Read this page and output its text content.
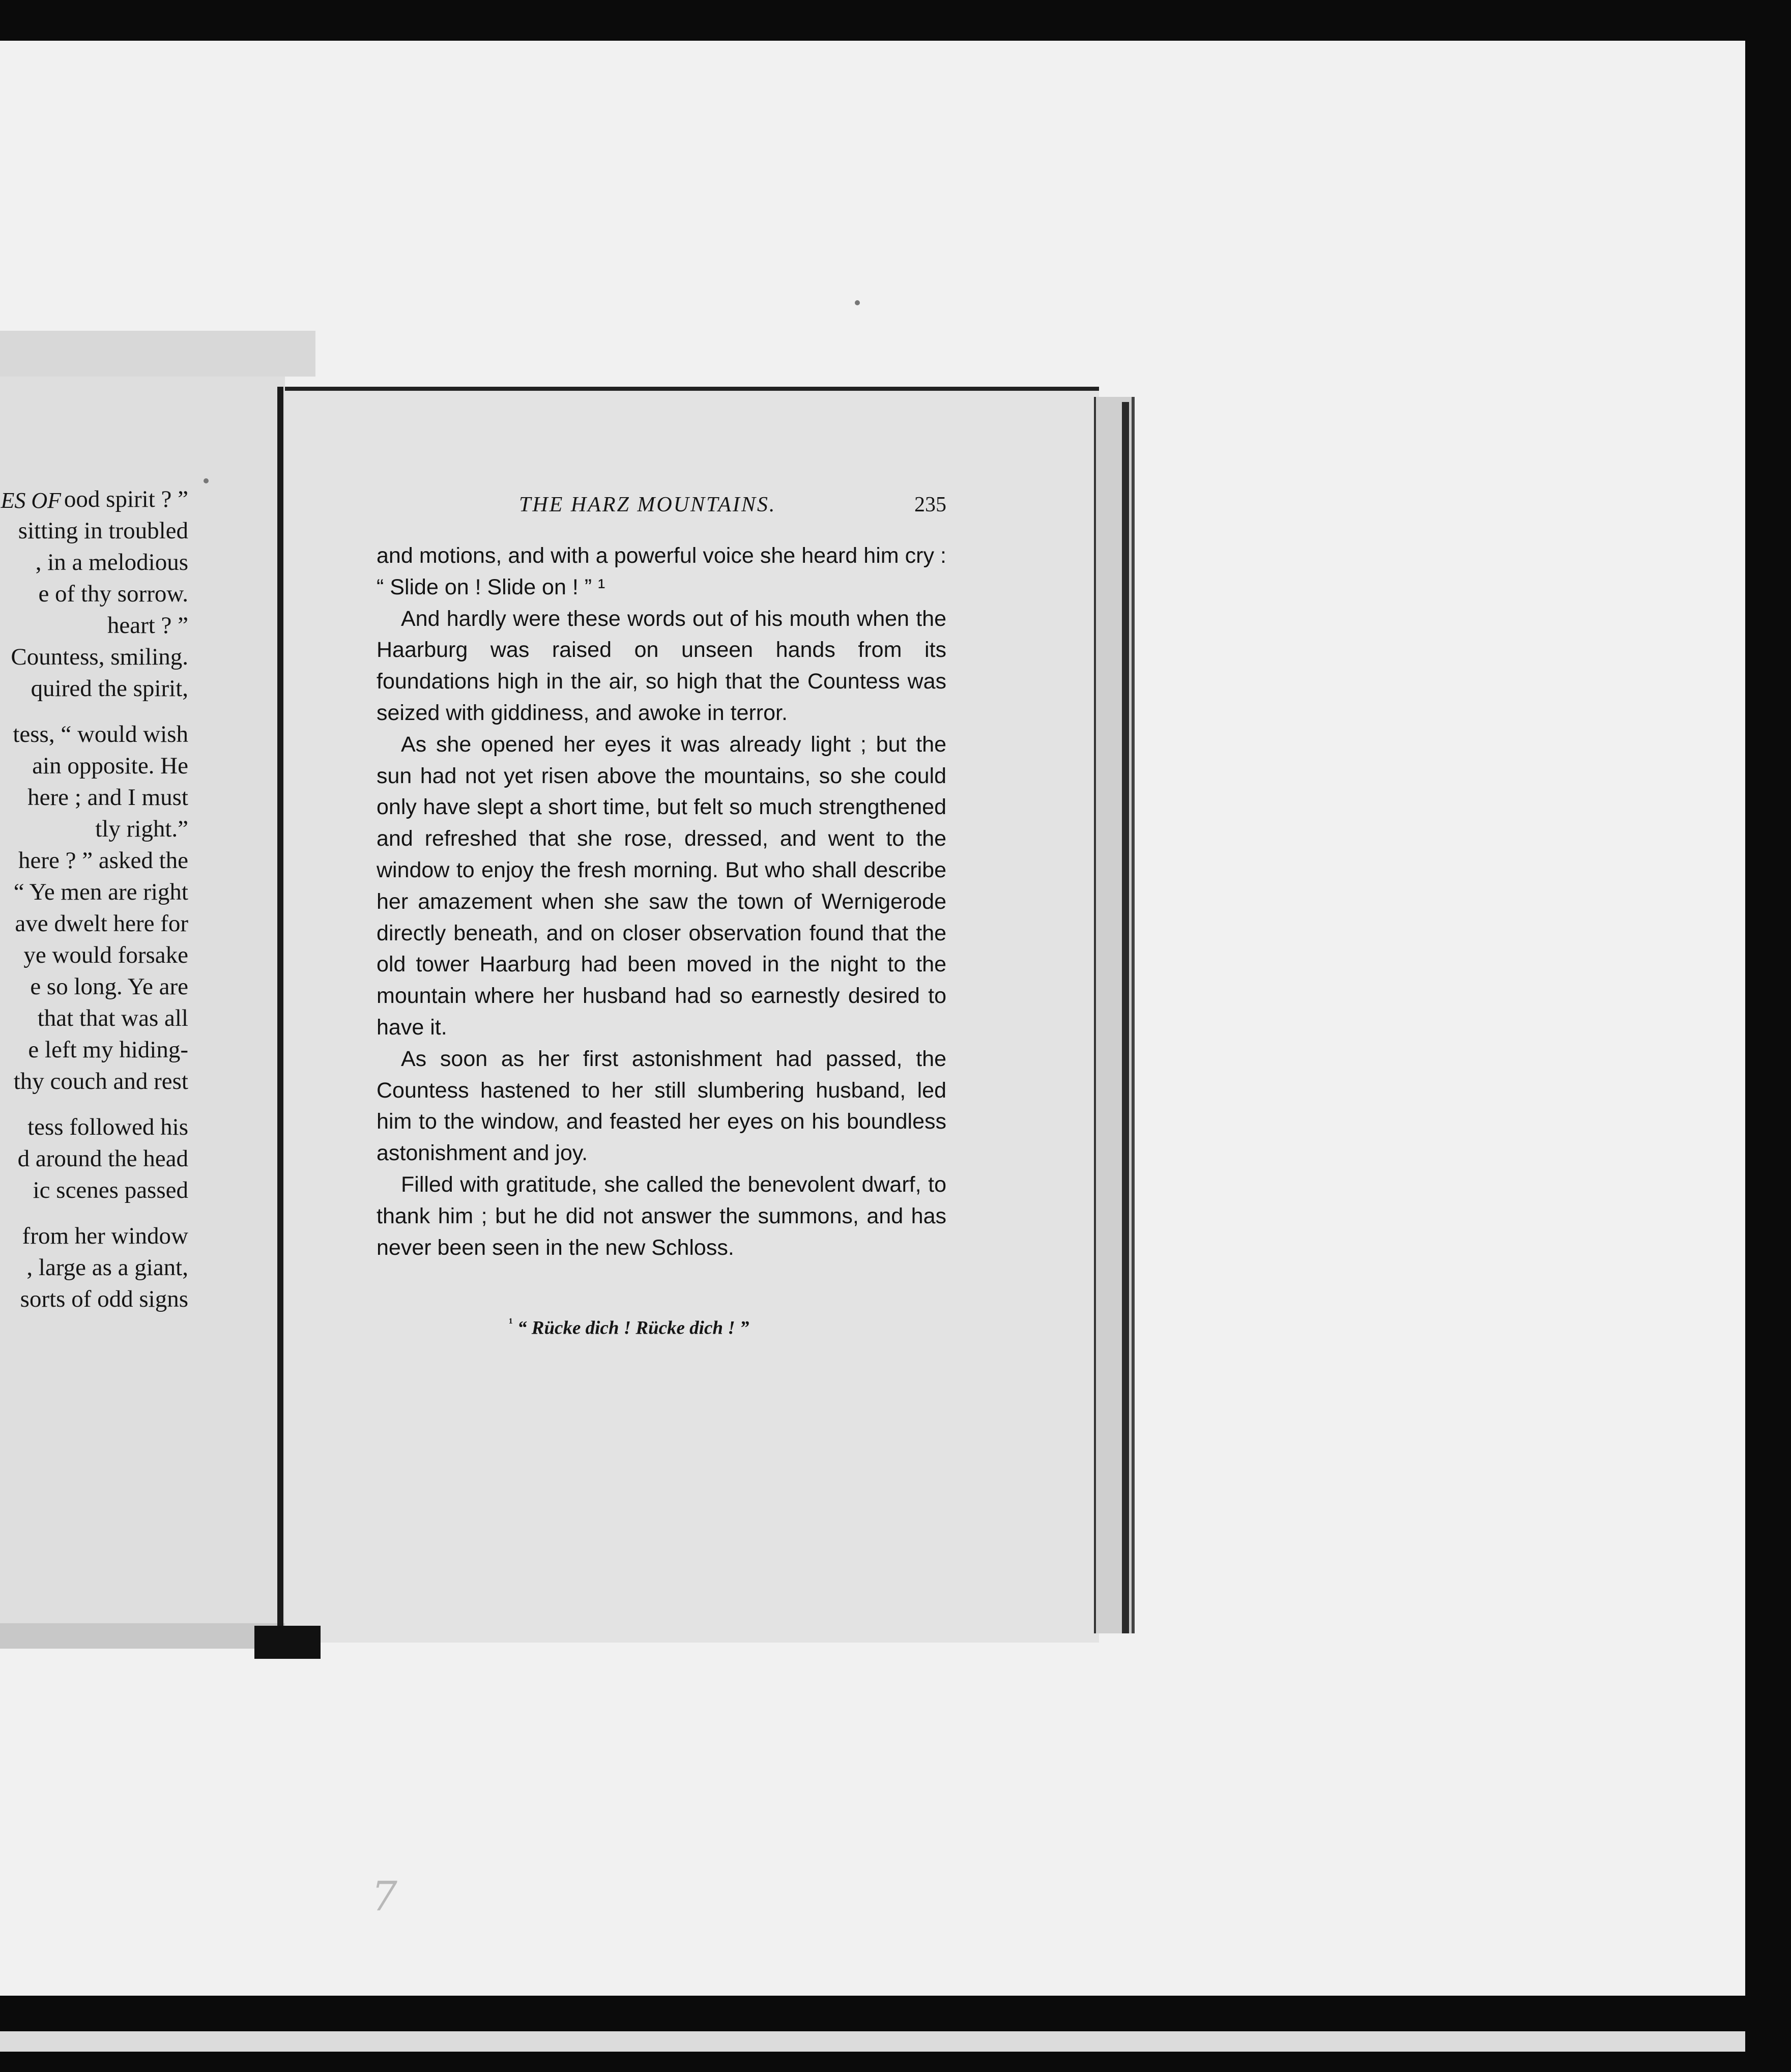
ES OF ood spirit ? ”
sitting in troubled
, in a melodious
e of thy sorrow.
heart ? ”
Countess, smiling.
quired the spirit,
tess, “ would wish
ain opposite. He
here ; and I must
tly right.”
here ? ” asked the
“ Ye men are right
ave dwelt here for
ye would forsake
e so long. Ye are
that that was all
e left my hiding-
thy couch and rest
tess followed his
d around the head
ic scenes passed
from her window
, large as a giant,
sorts of odd signs
THE HARZ MOUNTAINS.	235

and motions, and with a powerful voice she heard him cry : “ Slide on ! Slide on ! ” ¹

And hardly were these words out of his mouth when the Haarburg was raised on unseen hands from its foundations high in the air, so high that the Countess was seized with giddiness, and awoke in terror.

As she opened her eyes it was already light ; but the sun had not yet risen above the mountains, so she could only have slept a short time, but felt so much strengthened and refreshed that she rose, dressed, and went to the window to enjoy the fresh morning. But who shall describe her amazement when she saw the town of Wernigerode directly beneath, and on closer observation found that the old tower Haarburg had been moved in the night to the mountain where her husband had so earnestly desired to have it.

As soon as her first astonishment had passed, the Countess hastened to her still slumbering husband, led him to the window, and feasted her eyes on his boundless astonishment and joy.

Filled with gratitude, she called the benevolent dwarf, to thank him ; but he did not answer the summons, and has never been seen in the new Schloss.

$^{^1}$ “ Rücke dich ! Rücke dich ! ”
7
